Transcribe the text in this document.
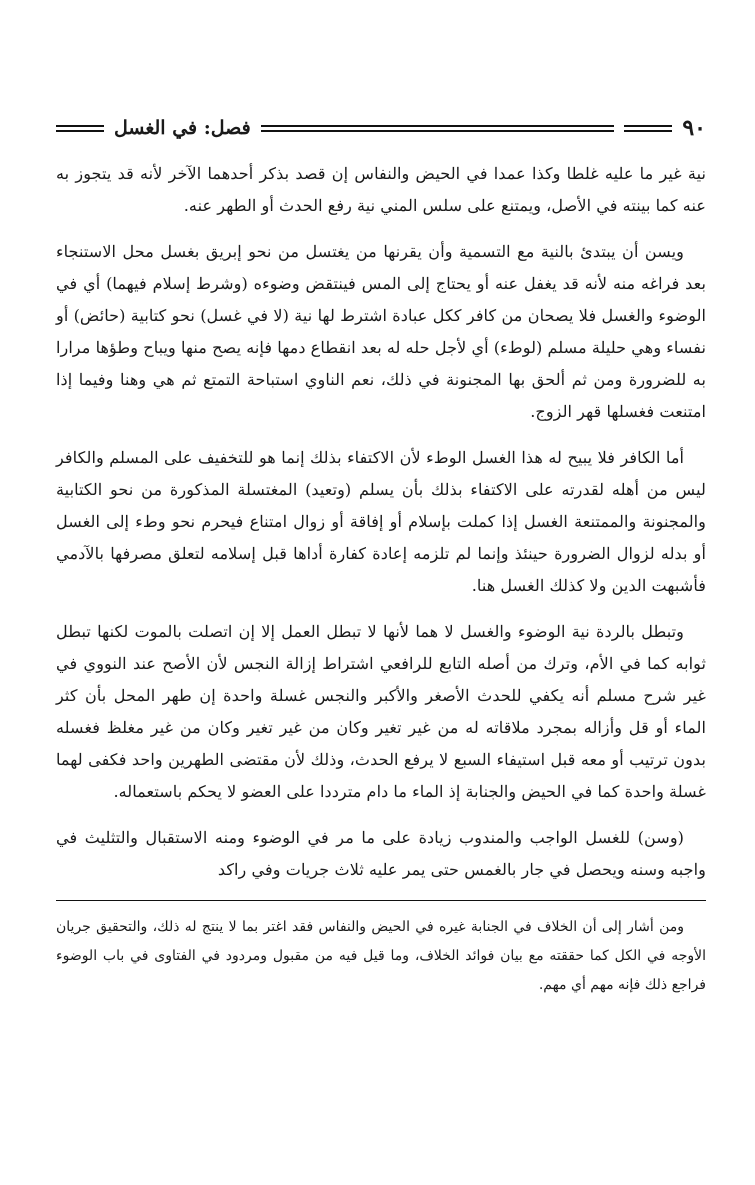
٩٠
فصل: في الغسل

نية غير ما عليه غلطا وكذا عمدا في الحيض والنفاس إن قصد بذكر أحدهما الآخر لأنه قد يتجوز به عنه كما بينته في الأصل، ويمتنع على سلس المني نية رفع الحدث أو الطهر عنه.

ويسن أن يبتدئ بالنية مع التسمية وأن يقرنها من يغتسل من نحو إبريق بغسل محل الاستنجاء بعد فراغه منه لأنه قد يغفل عنه أو يحتاج إلى المس فينتقض وضوءه (وشرط إسلام فيهما) أي في الوضوء والغسل فلا يصحان من كافر ككل عبادة اشترط لها نية (لا في غسل) نحو كتابية (حائض) أو نفساء وهي حليلة مسلم (لوطء) أي لأجل حله له بعد انقطاع دمها فإنه يصح منها ويباح وطؤها مرارا به للضرورة ومن ثم ألحق بها المجنونة في ذلك، نعم الناوي استباحة التمتع ثم هي وهنا وفيما إذا امتنعت فغسلها قهر الزوج.

أما الكافر فلا يبيح له هذا الغسل الوطء لأن الاكتفاء بذلك إنما هو للتخفيف على المسلم والكافر ليس من أهله لقدرته على الاكتفاء بذلك بأن يسلم (وتعيد) المغتسلة المذكورة من نحو الكتابية والمجنونة والممتنعة الغسل إذا كملت بإسلام أو إفاقة أو زوال امتناع فيحرم نحو وطء إلى الغسل أو بدله لزوال الضرورة حينئذ وإنما لم تلزمه إعادة كفارة أداها قبل إسلامه لتعلق مصرفها بالآدمي فأشبهت الدين ولا كذلك الغسل هنا.

وتبطل بالردة نية الوضوء والغسل لا هما لأنها لا تبطل العمل إلا إن اتصلت بالموت لكنها تبطل ثوابه كما في الأم، وترك من أصله التابع للرافعي اشتراط إزالة النجس لأن الأصح عند النووي في غير شرح مسلم أنه يكفي للحدث الأصغر والأكبر والنجس غسلة واحدة إن طهر المحل بأن كثر الماء أو قل وأزاله بمجرد ملاقاته له من غير تغير وكان من غير تغير وكان من غير مغلظ فغسله بدون ترتيب أو معه قبل استيفاء السبع لا يرفع الحدث، وذلك لأن مقتضى الطهرين واحد فكفى لهما غسلة واحدة كما في الحيض والجنابة إذ الماء ما دام مترددا على العضو لا يحكم باستعماله.

(وسن) للغسل الواجب والمندوب زيادة على ما مر في الوضوء ومنه الاستقبال والتثليث في واجبه وسنه ويحصل في جار بالغمس حتى يمر عليه ثلاث جريات وفي راكد

ومن أشار إلى أن الخلاف في الجنابة غيره في الحيض والنفاس فقد اغتر بما لا ينتج له ذلك، والتحقيق جريان الأوجه في الكل كما حققته مع بيان فوائد الخلاف، وما قيل فيه من مقبول ومردود في الفتاوى في باب الوضوء فراجع ذلك فإنه مهم أي مهم.
